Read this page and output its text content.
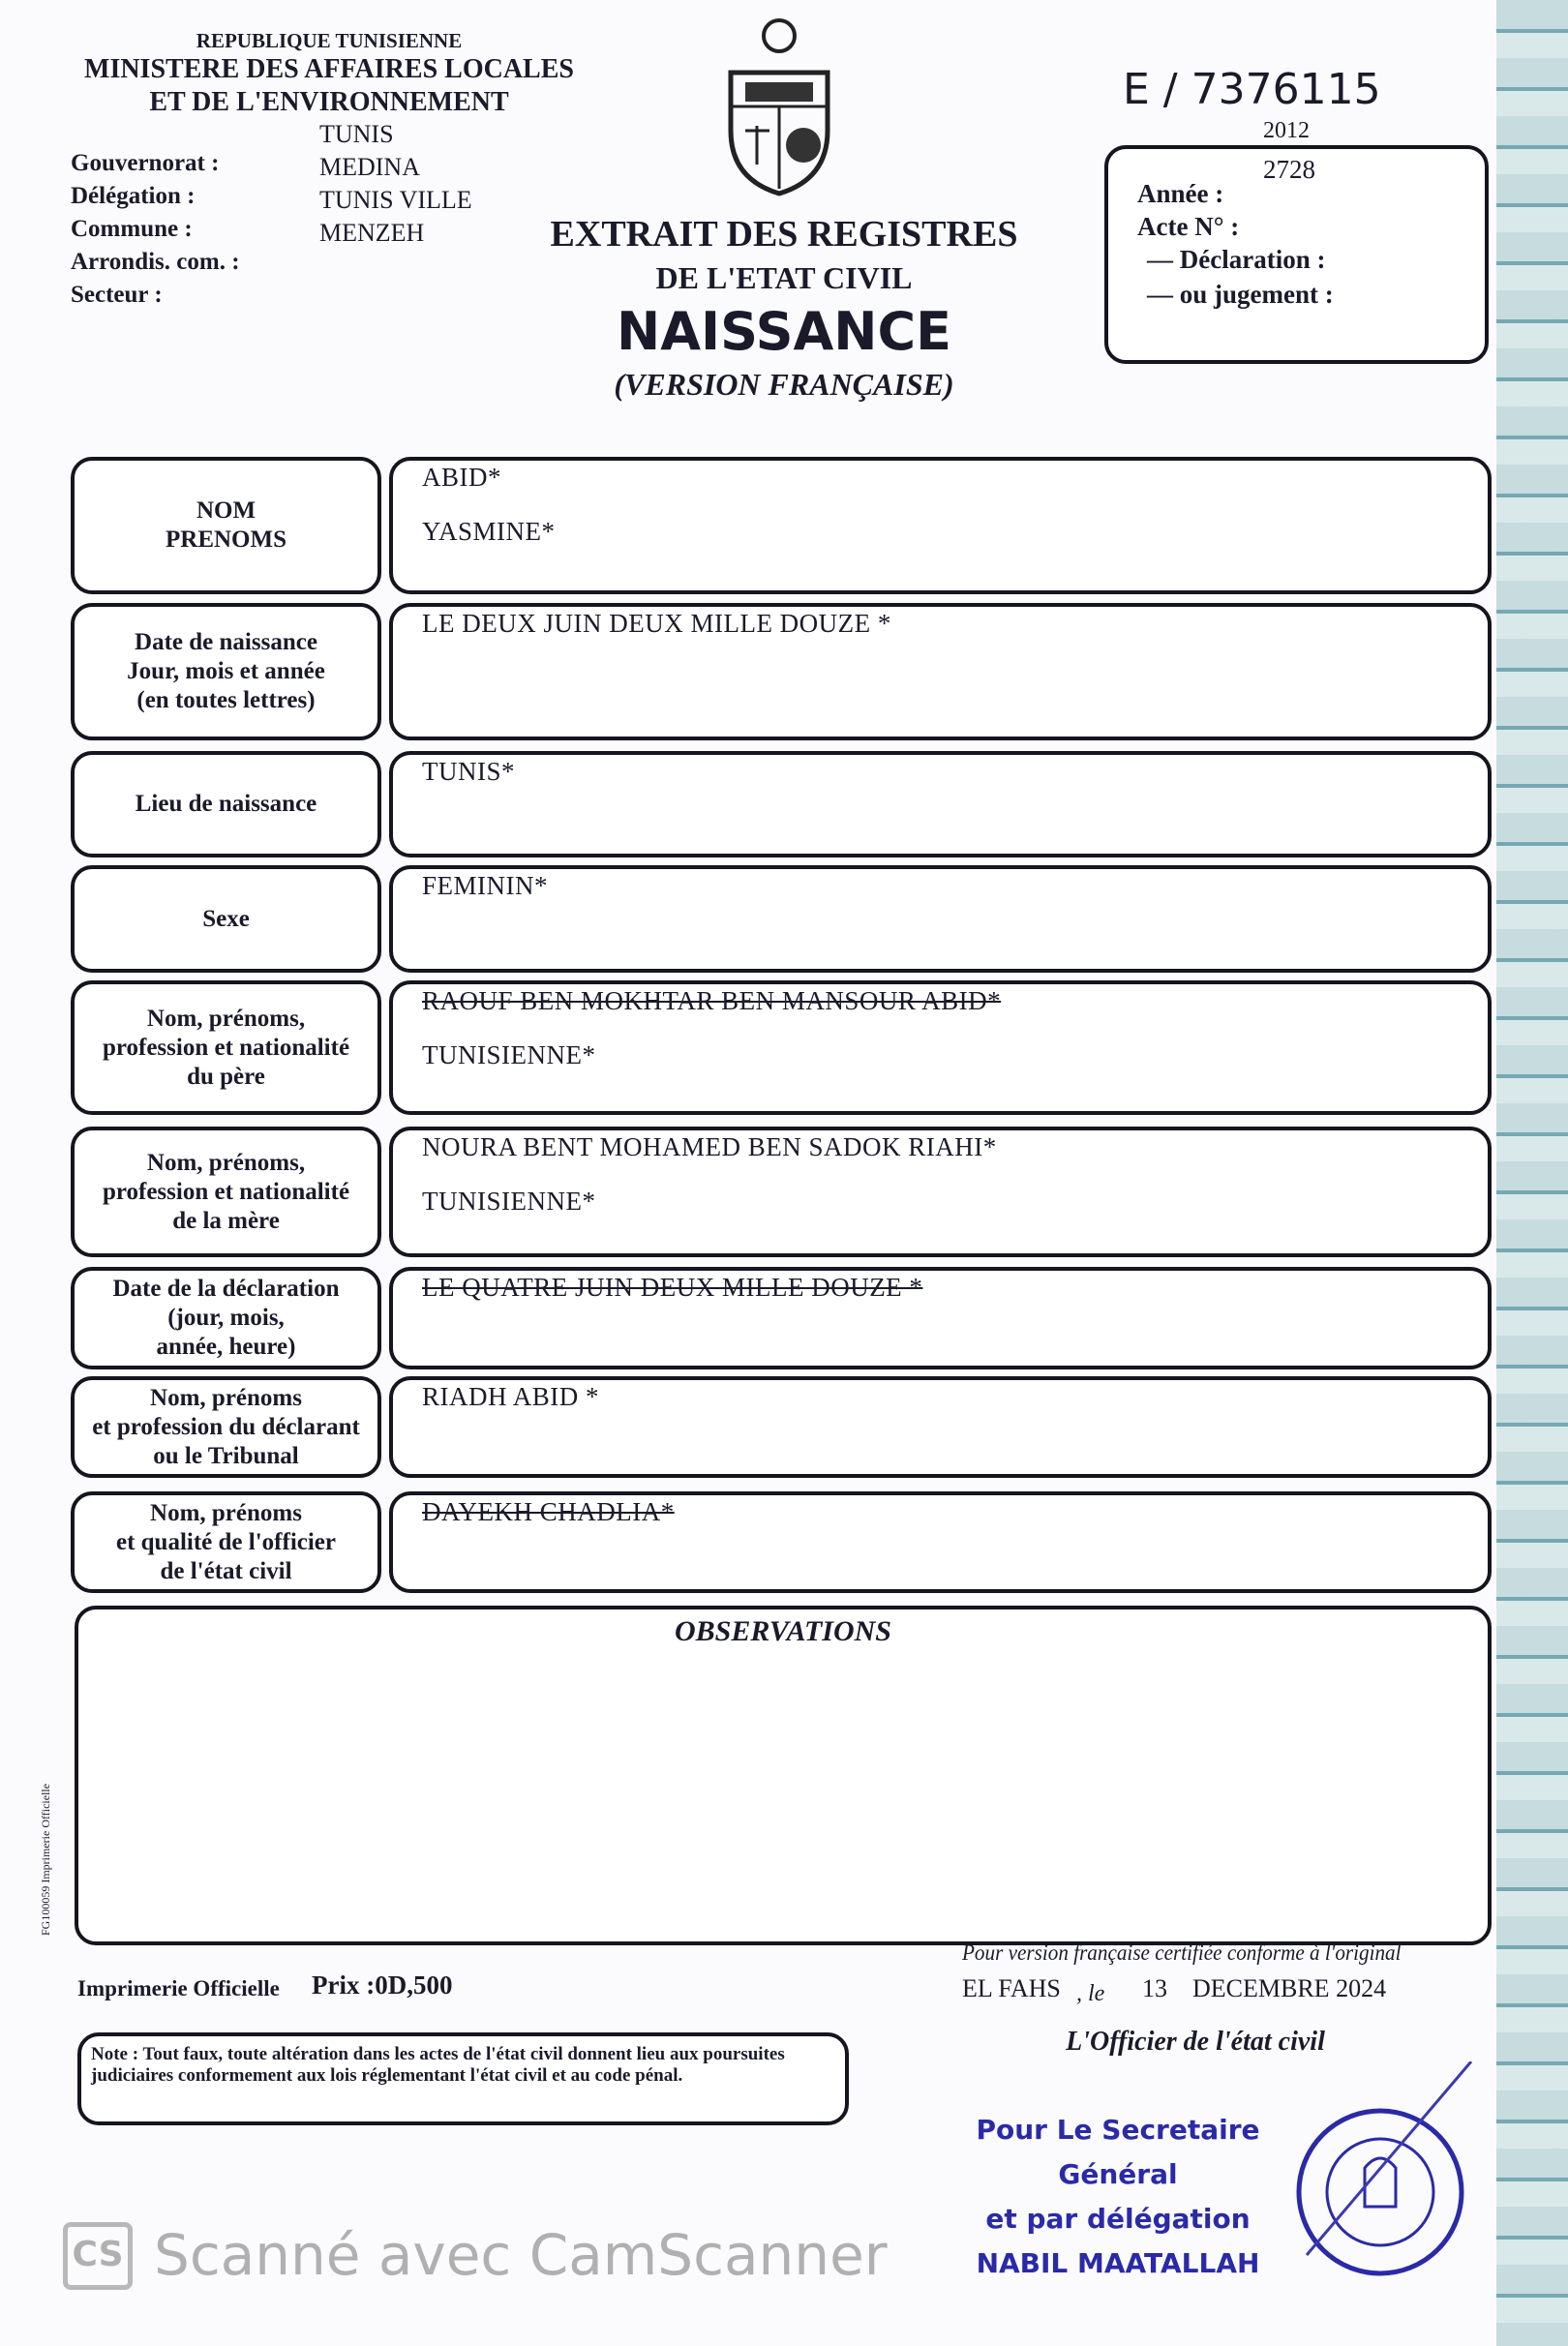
REPUBLIQUE TUNISIENNE
MINISTERE DES AFFAIRES LOCALES
ET DE L'ENVIRONNEMENT
Gouvernorat :
Délégation :
Commune :
Arrondis. com. :
Secteur :
TUNIS
MEDINA
TUNIS VILLE
MENZEH	EXTRAIT DES REGISTRES
DE L'ETAT CIVIL
NAISSANCE
(VERSION FRANÇAISE)
E / 7376115
2012
2728
Année :
Acte N° :
— Déclaration :
— ou jugement :
NOM
PRENOMS
ABID*
YASMINE*
Date de naissance
Jour, mois et année
(en toutes lettres)
LE DEUX JUIN DEUX MILLE DOUZE *
Lieu de naissance
TUNIS*
Sexe
FEMININ*
Nom, prénoms,
profession et nationalité
du père
RAOUF BEN MOKHTAR BEN MANSOUR ABID*
TUNISIENNE*
Nom, prénoms,
profession et nationalité
de la mère
NOURA BENT MOHAMED BEN SADOK RIAHI*
TUNISIENNE*
Date de la déclaration
(jour, mois,
année, heure)
LE QUATRE JUIN DEUX MILLE DOUZE *
Nom, prénoms
et profession du déclarant
ou le Tribunal
RIADH ABID *
Nom, prénoms
et qualité de l'officier
de l'état civil
DAYEKH CHADLIA*
OBSERVATIONS
FG100059 Imprimerie Officielle
Imprimerie Officielle Prix :0D,500
Pour version française certifiée conforme à l'original
EL FAHS , le 13 DECEMBRE 2024
L'Officier de l'état civil
Note : Tout faux, toute altération dans les actes de l'état civil donnent lieu aux poursuites judiciaires conformement aux lois réglementant l'état civil et au code pénal.
Pour Le Secretaire
Général
et par délégation
NABIL MAATALLAH
CS Scanné avec CamScanner
